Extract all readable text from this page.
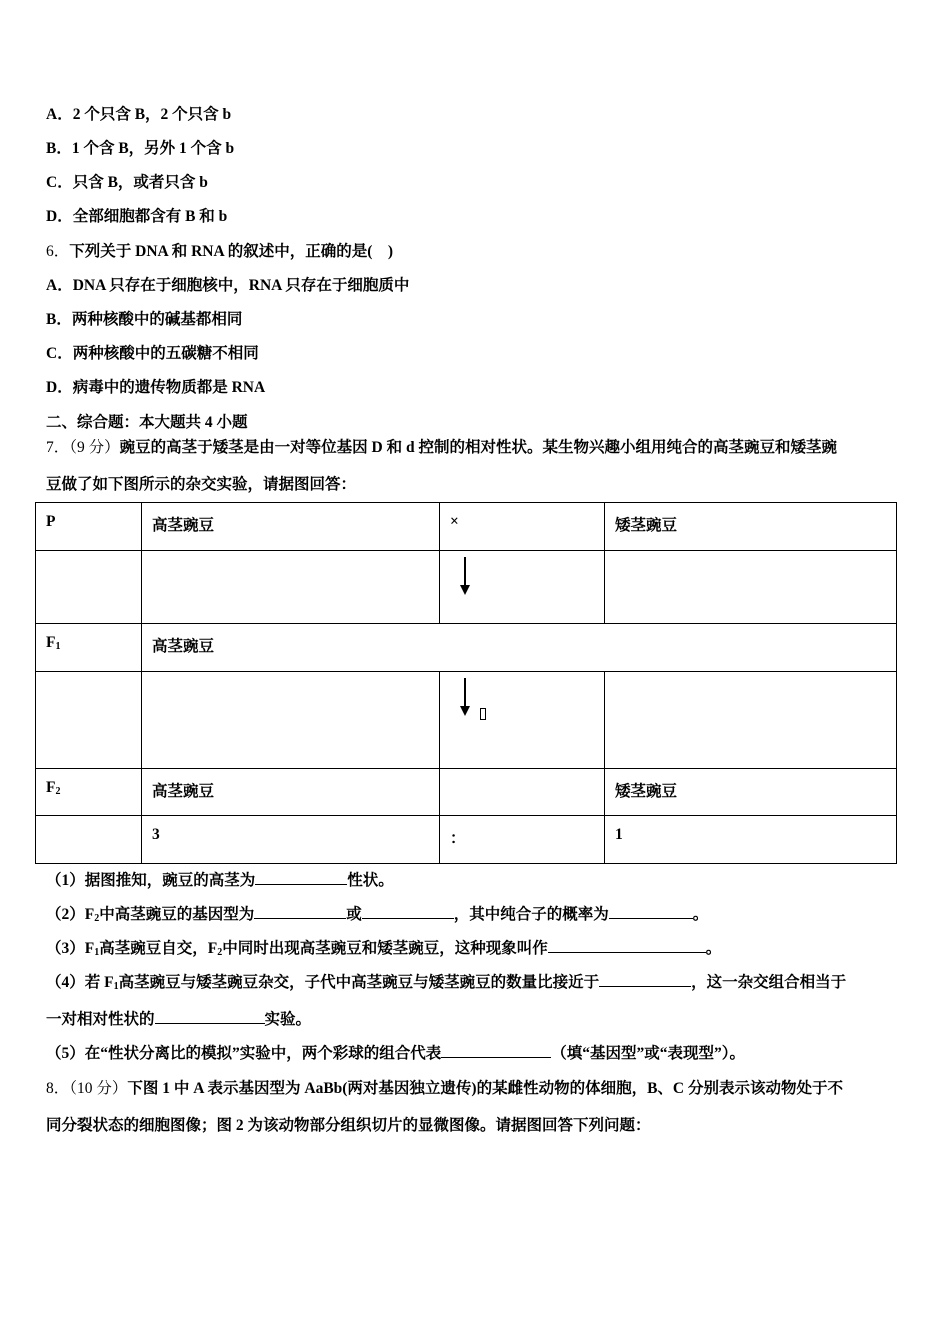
A．2 个只含 B，2 个只含 b
B．1 个含 B，另外 1 个含 b
C．只含 B，或者只含 b
D．全部细胞都含有 B 和 b
6．下列关于 DNA 和 RNA 的叙述中，正确的是(　)
A．DNA 只存在于细胞核中，RNA 只存在于细胞质中
B．两种核酸中的碱基都相同
C．两种核酸中的五碳糖不相同
D．病毒中的遗传物质都是 RNA
二、综合题：本大题共 4 小题
7．（9 分）豌豆的高茎于矮茎是由一对等位基因 D 和 d 控制的相对性状。某生物兴趣小组用纯合的高茎豌豆和矮茎豌
豆做了如下图所示的杂交实验，请据图回答：
P	高茎豌豆	×	矮茎豌豆

$F_1$	高茎豌豆		

$F_2$	高茎豌豆		矮茎豌豆
	3	：	1
（1）据图推知，豌豆的高茎为	性状。
$(2)F_2$中高茎豌豆的基因型为	或	，其中纯合子的概率为	。
$(3)F_1$高茎豌豆自交，$F_2$中同时出现高茎豌豆和矮茎豌豆，这种现象叫作	。
（4）若 $F_1$高茎豌豆与矮茎豌豆杂交，子代中高茎豌豆与矮茎豌豆的数量比接近于	，这一杂交组合相当于
一对相对性状的	实验。
（5）在“性状分离比的模拟”实验中，两个彩球的组合代表	（填“基因型”或“表现型”）。
8．（10 分）下图 1 中 A 表示基因型为 AaBb(两对基因独立遗传)的某雌性动物的体细胞，B、C 分别表示该动物处于不
同分裂状态的细胞图像；图 2 为该动物部分组织切片的显微图像。请据图回答下列问题：
